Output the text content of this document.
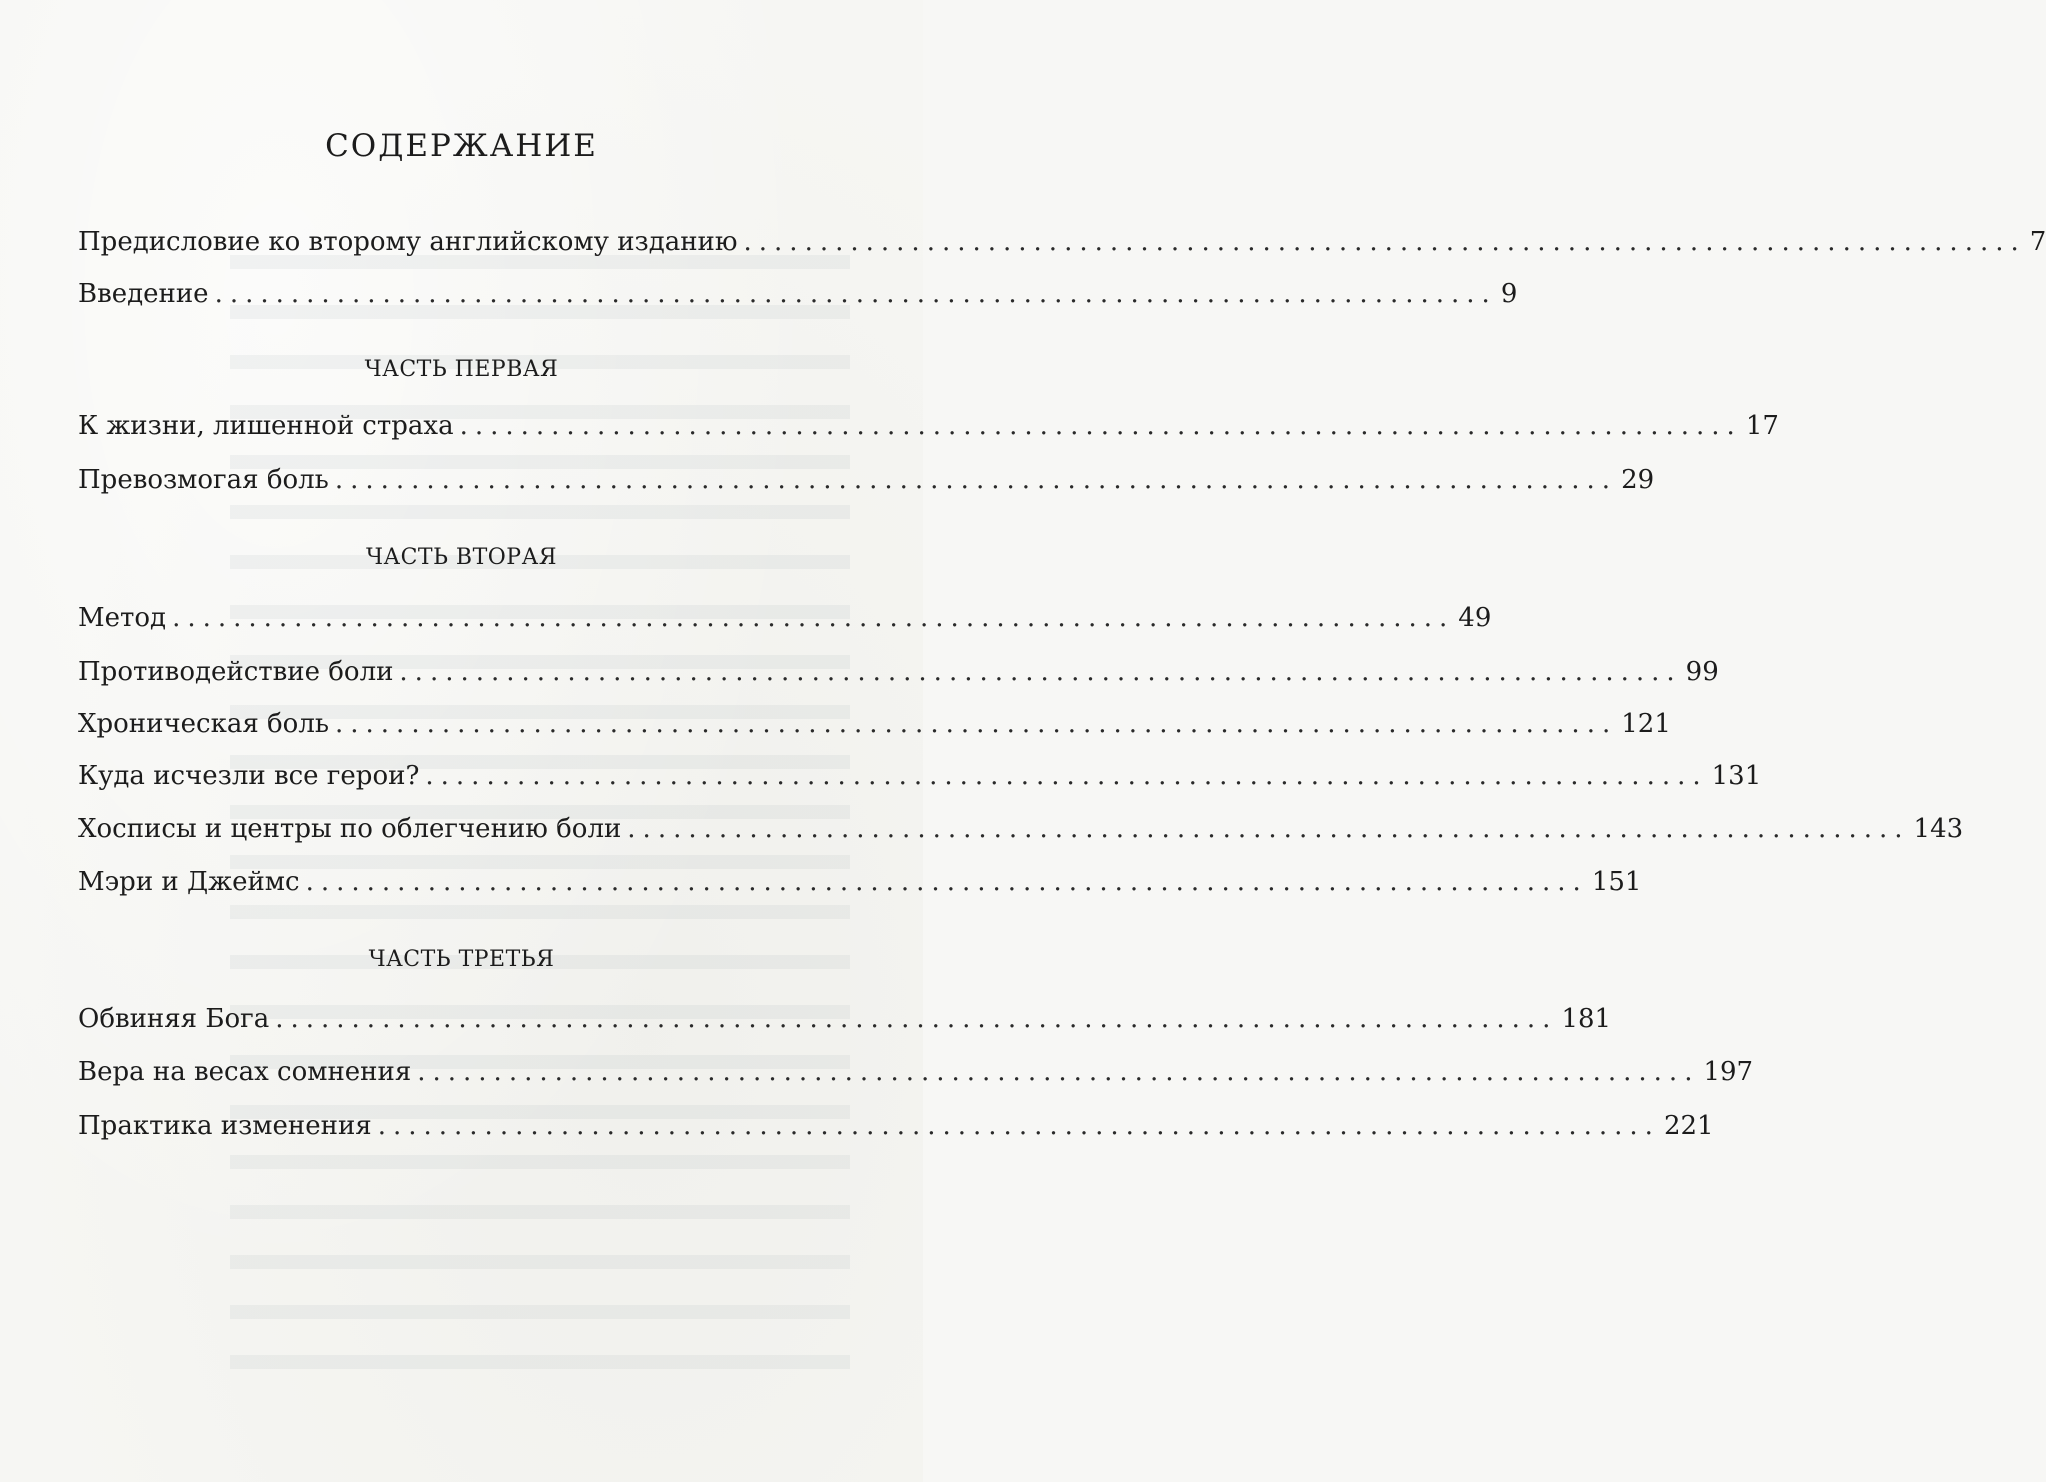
СОДЕРЖАНИЕ
Предисловие ко второму английскому изданию .................................................................................... 7
Введение .................................................................................... 9
ЧАСТЬ ПЕРВАЯ
К жизни, лишенной страха .................................................................................... 17
Превозмогая боль .................................................................................... 29
ЧАСТЬ ВТОРАЯ
Метод .................................................................................... 49
Противодействие боли .................................................................................... 99
Хроническая боль .................................................................................... 121
Куда исчезли все герои? .................................................................................... 131
Хосписы и центры по облегчению боли .................................................................................... 143
Мэри и Джеймс .................................................................................... 151
ЧАСТЬ ТРЕТЬЯ
Обвиняя Бога .................................................................................... 181
Вера на весах сомнения .................................................................................... 197
Практика изменения .................................................................................... 221
